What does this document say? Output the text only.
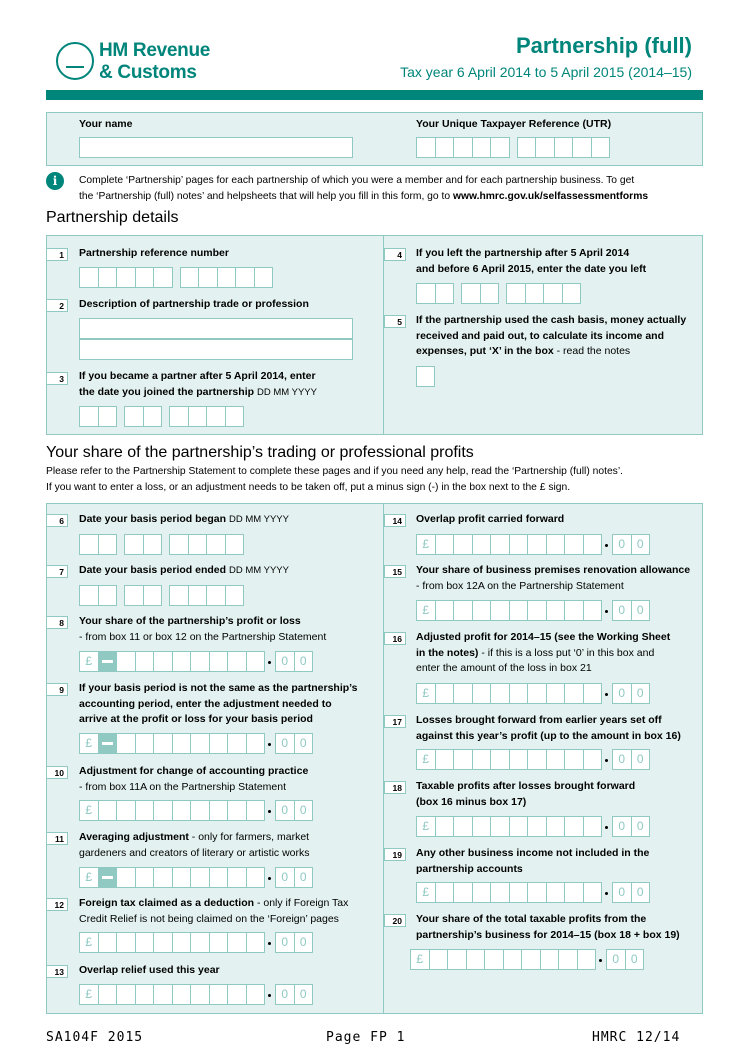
HM Revenue
& Customs
Partnership (full)
Tax year 6 April 2014 to 5 April 2015 (2014–15)
Your name	Your Unique Taxpayer Reference (UTR)
i	Complete ‘Partnership’ pages for each partnership of which you were a member and for each partnership business. To get
the ‘Partnership (full) notes’ and helpsheets that will help you fill in this form, go to www.hmrc.gov.uk/selfassessmentforms
Partnership details
1	Partnership reference number
2	Description of partnership trade or profession
3	If you became a partner after 5 April 2014, enter
the date you joined the partnership DD MM YYYY
4	If you left the partnership after 5 April 2014
and before 6 April 2015, enter the date you left
5	If the partnership used the cash basis, money actually
received and paid out, to calculate its income and
expenses, put ‘X’ in the box - read the notes
Your share of the partnership’s trading or professional profits
Please refer to the Partnership Statement to complete these pages and if you need any help, read the ‘Partnership (full) notes’.
If you want to enter a loss, or an adjustment needs to be taken off, put a minus sign (-) in the box next to the £ sign.
6	Date your basis period began DD MM YYYY
7	Date your basis period ended DD MM YYYY
8	Your share of the partnership’s profit or loss
- from box 11 or box 12 on the Partnership Statement
£	0 0
9	If your basis period is not the same as the partnership’s
accounting period, enter the adjustment needed to
arrive at the profit or loss for your basis period
£	0 0
10	Adjustment for change of accounting practice
- from box 11A on the Partnership Statement
£	0 0
11	Averaging adjustment - only for farmers, market
gardeners and creators of literary or artistic works
£	0 0
12	Foreign tax claimed as a deduction - only if Foreign Tax
Credit Relief is not being claimed on the ‘Foreign’ pages
£	0 0
13	Overlap relief used this year
£	0 0
14	Overlap profit carried forward
£	0 0
15	Your share of business premises renovation allowance
- from box 12A on the Partnership Statement
£	0 0
16	Adjusted profit for 2014–15 (see the Working Sheet
in the notes) - if this is a loss put ‘0’ in this box and
enter the amount of the loss in box 21
£	0 0
17	Losses brought forward from earlier years set off
against this year’s profit (up to the amount in box 16)
£	0 0
18	Taxable profits after losses brought forward
(box 16 minus box 17)
£	0 0
19	Any other business income not included in the
partnership accounts
£	0 0
20	Your share of the total taxable profits from the
partnership’s business for 2014–15 (box 18 + box 19)
£	0 0
SA104F 2015	Page FP 1	HMRC 12/14
